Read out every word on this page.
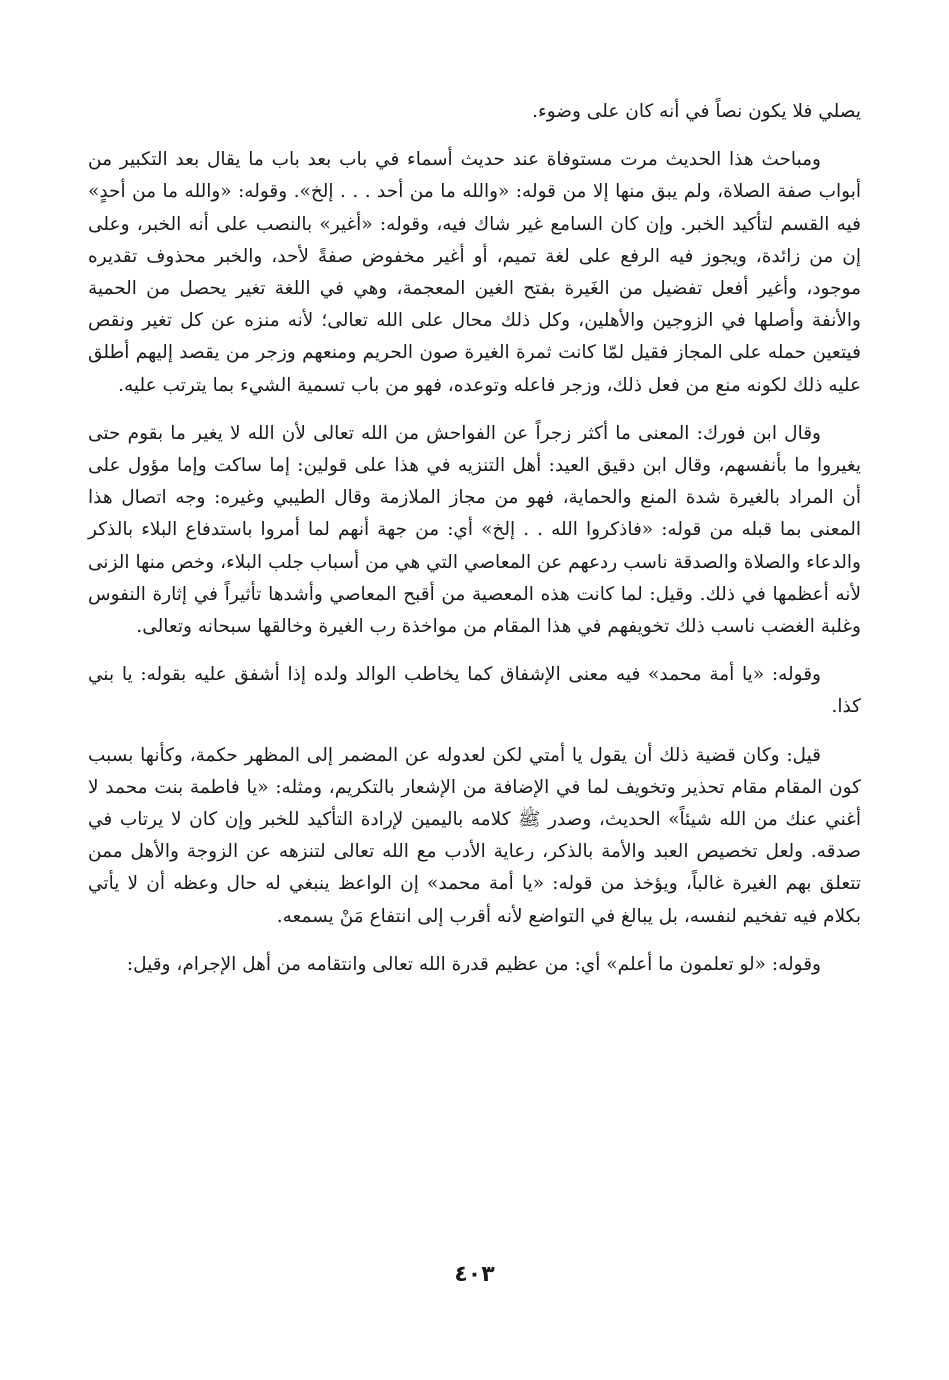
يصلي فلا يكون نصاً في أنه كان على وضوء.

ومباحث هذا الحديث مرت مستوفاة عند حديث أسماء في باب بعد باب ما يقال بعد التكبير من أبواب صفة الصلاة، ولم يبق منها إلا من قوله: «والله ما من أحد . . . إلخ». وقوله: «والله ما من أحدٍ» فيه القسم لتأكيد الخبر. وإن كان السامع غير شاك فيه، وقوله: «أغير» بالنصب على أنه الخبر، وعلى إن من زائدة، ويجوز فيه الرفع على لغة تميم، أو أغير مخفوض صفةً لأحد، والخبر محذوف تقديره موجود، وأغير أفعل تفضيل من الغَيرة بفتح الغين المعجمة، وهي في اللغة تغير يحصل من الحمية والأنفة وأصلها في الزوجين والأهلين، وكل ذلك محال على الله تعالى؛ لأنه منزه عن كل تغير ونقص فيتعين حمله على المجاز فقيل لمّا كانت ثمرة الغيرة صون الحريم ومنعهم وزجر من يقصد إليهم أطلق عليه ذلك لكونه منع من فعل ذلك، وزجر فاعله وتوعده، فهو من باب تسمية الشيء بما يترتب عليه.

وقال ابن فورك: المعنى ما أكثر زجراً عن الفواحش من الله تعالى لأن الله لا يغير ما بقوم حتى يغيروا ما بأنفسهم، وقال ابن دقيق العيد: أهل التنزيه في هذا على قولين: إما ساكت وإما مؤول على أن المراد بالغيرة شدة المنع والحماية، فهو من مجاز الملازمة وقال الطيبي وغيره: وجه اتصال هذا المعنى بما قبله من قوله: «فاذكروا الله . . إلخ» أي: من جهة أنهم لما أمروا باستدفاع البلاء بالذكر والدعاء والصلاة والصدقة ناسب ردعهم عن المعاصي التي هي من أسباب جلب البلاء، وخص منها الزنى لأنه أعظمها في ذلك. وقيل: لما كانت هذه المعصية من أقبح المعاصي وأشدها تأثيراً في إثارة النفوس وغلبة الغضب ناسب ذلك تخويفهم في هذا المقام من مواخذة رب الغيرة وخالقها سبحانه وتعالى.

وقوله: «يا أمة محمد» فيه معنى الإشفاق كما يخاطب الوالد ولده إذا أشفق عليه بقوله: يا بني كذا.

قيل: وكان قضية ذلك أن يقول يا أمتي لكن لعدوله عن المضمر إلى المظهر حكمة، وكأنها بسبب كون المقام مقام تحذير وتخويف لما في الإضافة من الإشعار بالتكريم، ومثله: «يا فاطمة بنت محمد لا أغني عنك من الله شيئاً» الحديث، وصدر ﷺ كلامه باليمين لإرادة التأكيد للخبر وإن كان لا يرتاب في صدقه. ولعل تخصيص العبد والأمة بالذكر، رعاية الأدب مع الله تعالى لتنزهه عن الزوجة والأهل ممن تتعلق بهم الغيرة غالباً، ويؤخذ من قوله: «يا أمة محمد» إن الواعظ ينبغي له حال وعظه أن لا يأتي بكلام فيه تفخيم لنفسه، بل يبالغ في التواضع لأنه أقرب إلى انتفاع مَنْ يسمعه.

وقوله: «لو تعلمون ما أعلم» أي: من عظيم قدرة الله تعالى وانتقامه من أهل الإجرام، وقيل:

٤٠٣
